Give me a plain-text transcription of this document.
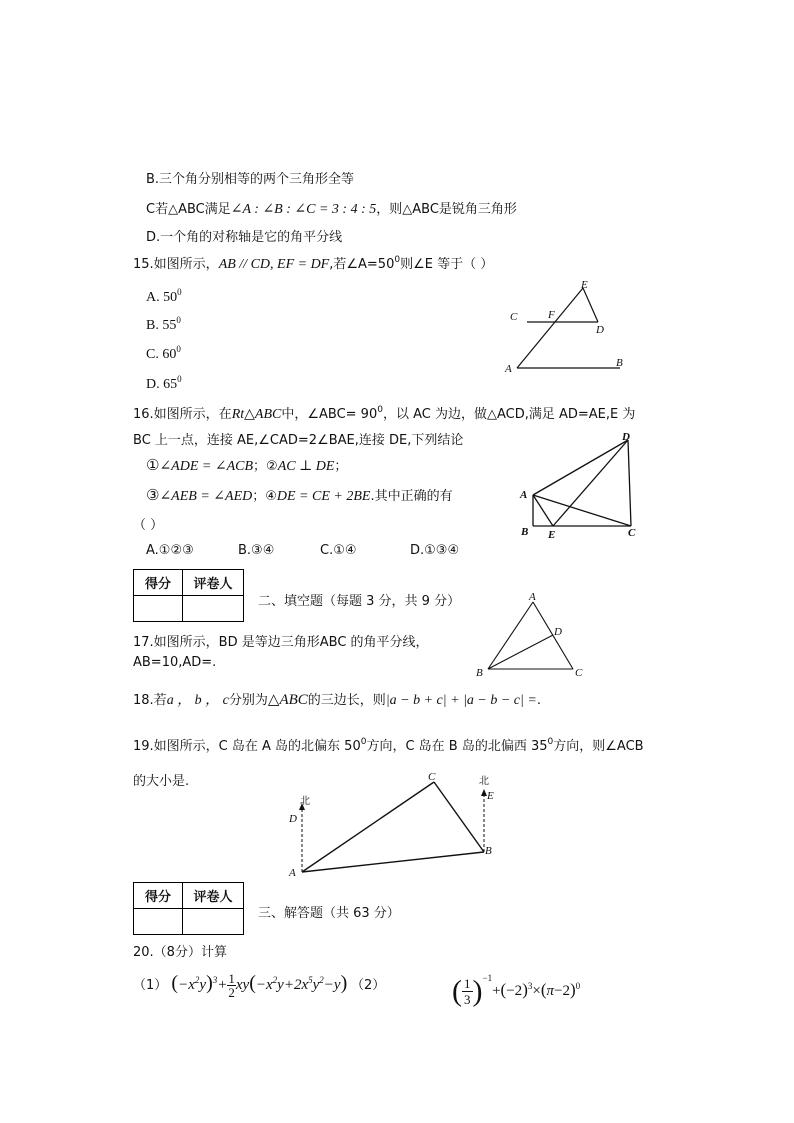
B.三个角分别相等的两个三角形全等
C若△ABC满足∠A : ∠B : ∠C = 3 : 4 : 5，则△ABC是锐角三角形
D.一个角的对称轴是它的角平分线
15.如图所示，AB // CD, EF = DF,若$\angle A=50^0$则∠E 等于（ ）
A. $50^0$
B. $55^0$
C. $60^0$
D. $65^0$
A	B
C
D
E
F
16.如图所示，在Rt△ABC中，∠ABC= $90^0$，以 AC 为边，做△ACD,满足 AD=AE,E 为
BC 上一点，连接 AE,∠CAD=2∠BAE,连接 DE,下列结论
①∠ADE = ∠ACB；②AC ⊥ DE；
③∠AEB = ∠AED；④DE = CE + 2BE.其中正确的有
（ ）
A.①②③	B.③④	C.①④	D.①③④
A
B	C
D
E
得分	评卷人

二、填空题（每题 3 分，共 9 分）
17.如图所示，BD 是等边三角形ABC 的角平分线，
AB=10,AD=.
A
B	C
D
18.若a ， b ， c分别为△ABC的三边长，则|a − b + c| + |a − b − c| =.
19.如图所示，C 岛在 A 岛的北偏东 $50^0$方向，C 岛在 B 岛的北偏西 $35^0$方向，则∠ACB
的大小是.
A
B
C
D
E
北
北
得分	评卷人

三、解答题（共 63 分）
20.（8分）计算
（1） $(-x^2y)^3+ \frac{1}{2} xy(-x^2y+2x^5y^2-y)$ （2） ( $\frac{1}{3} )^{-1}+(-2)^3\times(\pi-2)^0$
